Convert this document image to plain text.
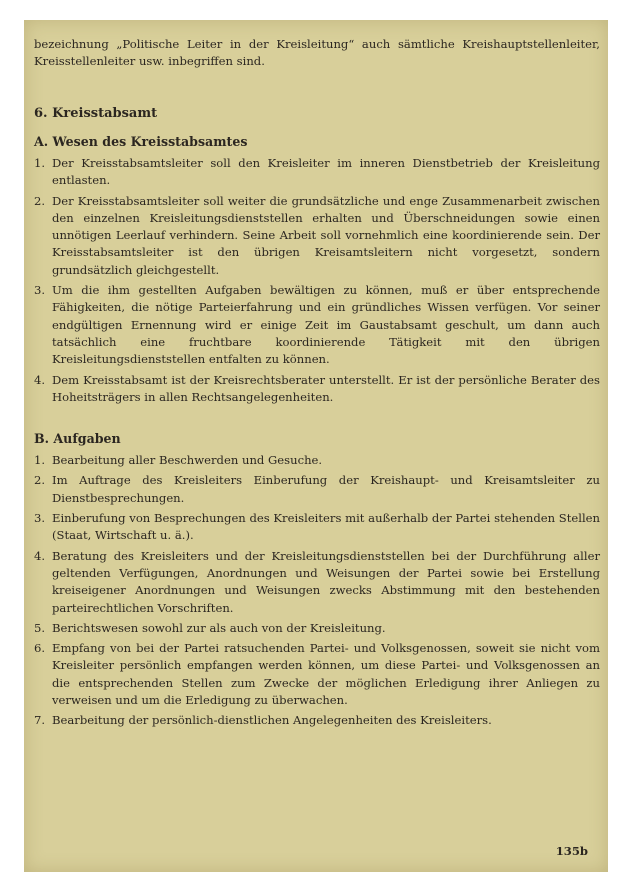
bezeichnung „Politische Leiter in der Kreisleitung“ auch sämtliche Kreishauptstellenleiter, Kreisstellenleiter usw. inbegriffen sind.

6. Kreisstabsamt
A. Wesen des Kreisstabsamtes
1. Der Kreisstabsamtsleiter soll den Kreisleiter im inneren Dienstbetrieb der Kreisleitung entlasten.
2. Der Kreisstabsamtsleiter soll weiter die grundsätzliche und enge Zusammenarbeit zwischen den einzelnen Kreisleitungsdienststellen erhalten und Überschneidungen sowie einen unnötigen Leerlauf verhindern. Seine Arbeit soll vornehmlich eine koordinierende sein. Der Kreisstabsamtsleiter ist den übrigen Kreisamtsleitern nicht vorgesetzt, sondern grundsätzlich gleichgestellt.
3. Um die ihm gestellten Aufgaben bewältigen zu können, muß er über entsprechende Fähigkeiten, die nötige Parteierfahrung und ein gründliches Wissen verfügen. Vor seiner endgültigen Ernennung wird er einige Zeit im Gaustabsamt geschult, um dann auch tatsächlich eine fruchtbare koordinierende Tätigkeit mit den übrigen Kreisleitungsdienststellen entfalten zu können.
4. Dem Kreisstabsamt ist der Kreisrechtsberater unterstellt. Er ist der persönliche Berater des Hoheitsträgers in allen Rechtsangelegenheiten.
B. Aufgaben
1. Bearbeitung aller Beschwerden und Gesuche.
2. Im Auftrage des Kreisleiters Einberufung der Kreishaupt- und Kreisamtsleiter zu Dienstbesprechungen.
3. Einberufung von Besprechungen des Kreisleiters mit außerhalb der Partei stehenden Stellen (Staat, Wirtschaft u. ä.).
4. Beratung des Kreisleiters und der Kreisleitungsdienststellen bei der Durchführung aller geltenden Verfügungen, Anordnungen und Weisungen der Partei sowie bei Erstellung kreiseigener Anordnungen und Weisungen zwecks Abstimmung mit den bestehenden parteirechtlichen Vorschriften.
5. Berichtswesen sowohl zur als auch von der Kreisleitung.
6. Empfang von bei der Partei ratsuchenden Partei- und Volksgenossen, soweit sie nicht vom Kreisleiter persönlich empfangen werden können, um diese Partei- und Volksgenossen an die entsprechenden Stellen zum Zwecke der möglichen Erledigung ihrer Anliegen zu verweisen und um die Erledigung zu überwachen.
7. Bearbeitung der persönlich-dienstlichen Angelegenheiten des Kreisleiters.
135b
